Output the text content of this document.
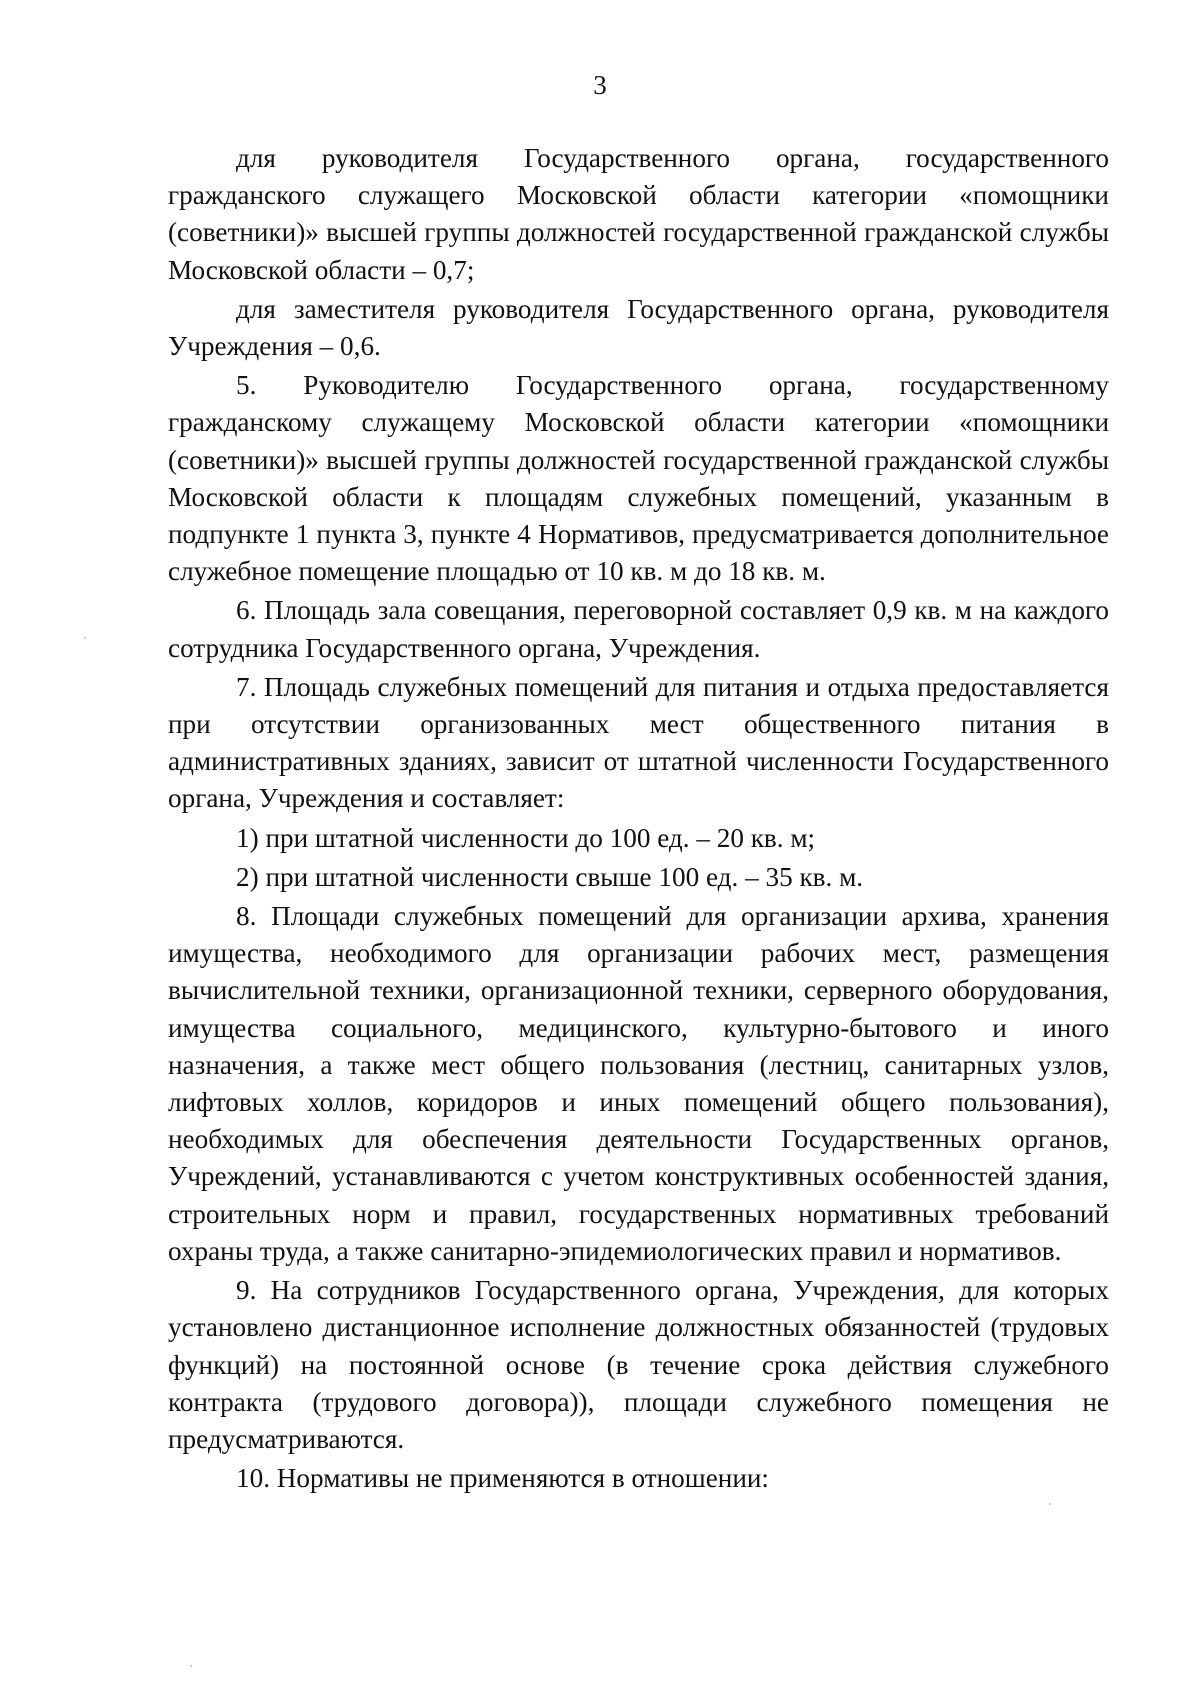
3

для руководителя Государственного органа, государственного гражданского служащего Московской области категории «помощники (советники)» высшей группы должностей государственной гражданской службы Московской области – 0,7;

для заместителя руководителя Государственного органа, руководителя Учреждения – 0,6.

5. Руководителю Государственного органа, государственному гражданскому служащему Московской области категории «помощники (советники)» высшей группы должностей государственной гражданской службы Московской области к площадям служебных помещений, указанным в подпункте 1 пункта 3, пункте 4 Нормативов, предусматривается дополнительное служебное помещение площадью от 10 кв. м до 18 кв. м.

6. Площадь зала совещания, переговорной составляет 0,9 кв. м на каждого сотрудника Государственного органа, Учреждения.

7. Площадь служебных помещений для питания и отдыха предоставляется при отсутствии организованных мест общественного питания в административных зданиях, зависит от штатной численности Государственного органа, Учреждения и составляет:

1) при штатной численности до 100 ед. – 20 кв. м;

2) при штатной численности свыше 100 ед. – 35 кв. м.

8. Площади служебных помещений для организации архива, хранения имущества, необходимого для организации рабочих мест, размещения вычислительной техники, организационной техники, серверного оборудования, имущества социального, медицинского, культурно-бытового и иного назначения, а также мест общего пользования (лестниц, санитарных узлов, лифтовых холлов, коридоров и иных помещений общего пользования), необходимых для обеспечения деятельности Государственных органов, Учреждений, устанавливаются с учетом конструктивных особенностей здания, строительных норм и правил, государственных нормативных требований охраны труда, а также санитарно-эпидемиологических правил и нормативов.

9. На сотрудников Государственного органа, Учреждения, для которых установлено дистанционное исполнение должностных обязанностей (трудовых функций) на постоянной основе (в течение срока действия служебного контракта (трудового договора)), площади служебного помещения не предусматриваются.

10. Нормативы не применяются в отношении:
